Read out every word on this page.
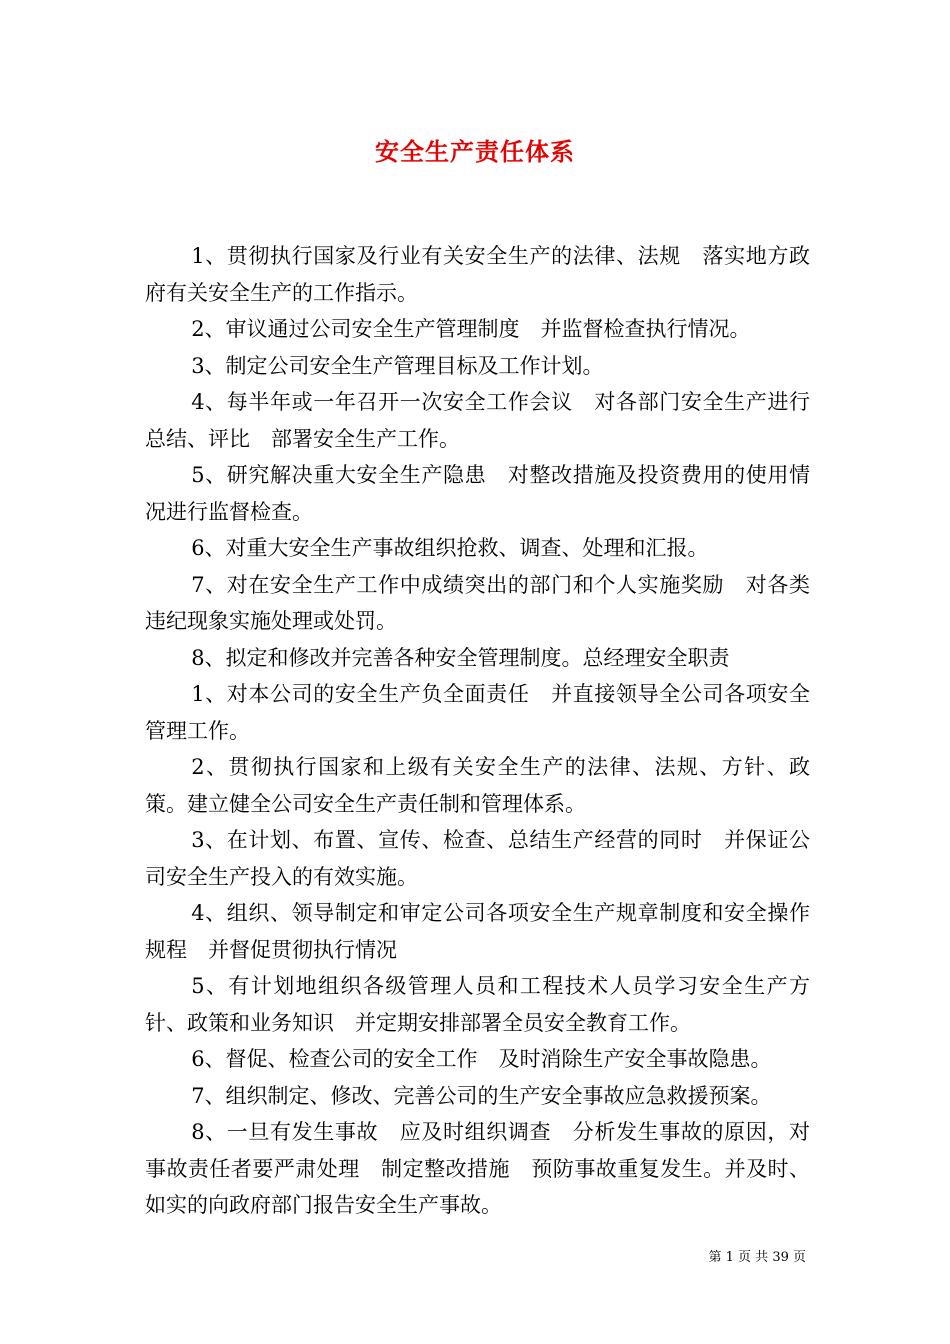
安全生产责任体系

1、贯彻执行国家及行业有关安全生产的法律、法规　落实地方政府有关安全生产的工作指示。

2、审议通过公司安全生产管理制度　并监督检查执行情况。

3、制定公司安全生产管理目标及工作计划。

4、每半年或一年召开一次安全工作会议　对各部门安全生产进行总结、评比　部署安全生产工作。

5、研究解决重大安全生产隐患　对整改措施及投资费用的使用情况进行监督检查。

6、对重大安全生产事故组织抢救、调查、处理和汇报。

7、对在安全生产工作中成绩突出的部门和个人实施奖励　对各类违纪现象实施处理或处罚。

8、拟定和修改并完善各种安全管理制度。总经理安全职责

1、对本公司的安全生产负全面责任　并直接领导全公司各项安全管理工作。

2、贯彻执行国家和上级有关安全生产的法律、法规、方针、政策。建立健全公司安全生产责任制和管理体系。

3、在计划、布置、宣传、检查、总结生产经营的同时　并保证公司安全生产投入的有效实施。

4、组织、领导制定和审定公司各项安全生产规章制度和安全操作规程　并督促贯彻执行情况

5、有计划地组织各级管理人员和工程技术人员学习安全生产方针、政策和业务知识　并定期安排部署全员安全教育工作。

6、督促、检查公司的安全工作　及时消除生产安全事故隐患。

7、组织制定、修改、完善公司的生产安全事故应急救援预案。

8、一旦有发生事故　应及时组织调查　分析发生事故的原因，对事故责任者要严肃处理　制定整改措施　预防事故重复发生。并及时、如实的向政府部门报告安全生产事故。

第 1 页 共 39 页
